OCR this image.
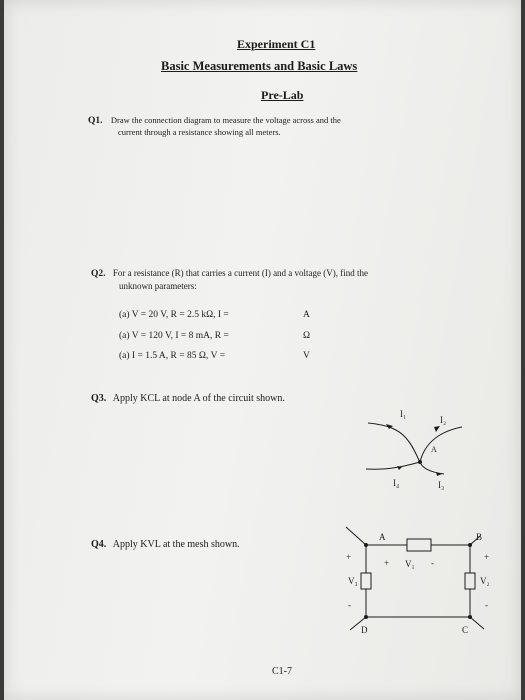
Experiment C1
Basic Measurements and Basic Laws
Pre-Lab
Q1. Draw the connection diagram to measure the voltage across and the
current through a resistance showing all meters.
Q2. For a resistance (R) that carries a current (I) and a voltage (V), find the
unknown parameters:
(a) V = 20 V, R = 2.5 kΩ, I =	A
(a) V = 120 V, I = 8 mA, R =	Ω
(a) I = 1.5 A, R = 85 Ω, V =	V
Q3. Apply KCL at node A of the circuit shown.
I₁
I₂
A
I₄	I₃
A	B
D	C
+ V₁ -
+
V₃
-
+
V₂
-
Q4. Apply KVL at the mesh shown.
C1-7
